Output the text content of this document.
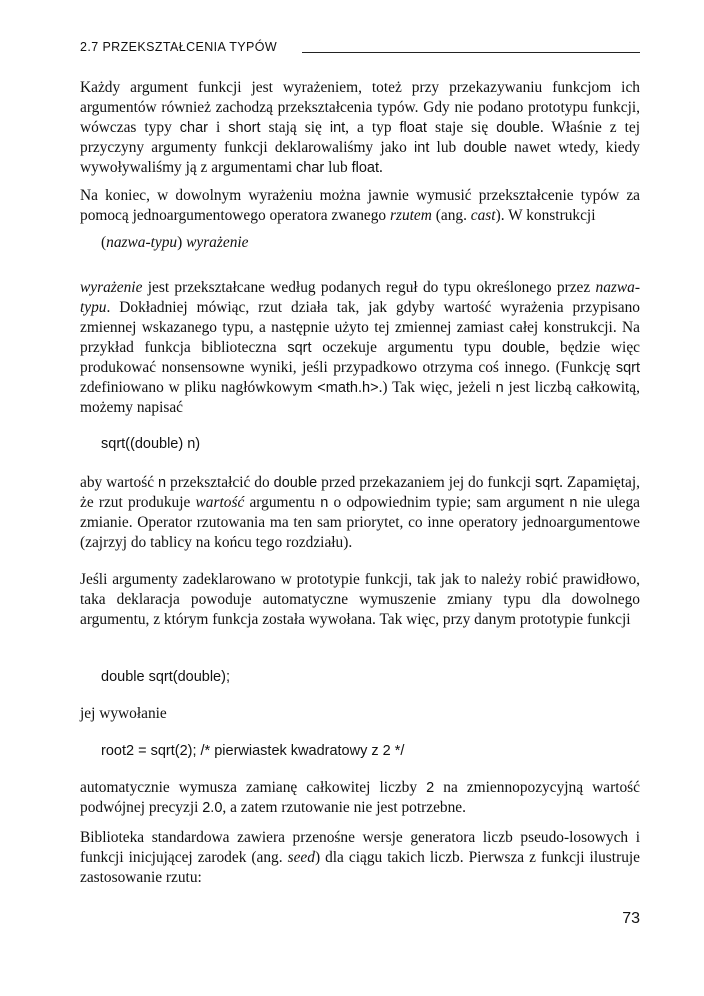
2.7 PRZEKSZTAŁCENIA TYPÓW

Każdy argument funkcji jest wyrażeniem, toteż przy przekazywaniu funkcjom ich argumentów również zachodzą przekształcenia typów. Gdy nie podano prototypu funkcji, wówczas typy char i short stają się int, a typ float staje się double. Właśnie z tej przyczyny argumenty funkcji deklarowaliśmy jako int lub double nawet wtedy, kiedy wywoływaliśmy ją z argumentami char lub float.

Na koniec, w dowolnym wyrażeniu można jawnie wymusić przekształcenie typów za pomocą jednoargumentowego operatora zwanego rzutem (ang. cast). W konstrukcji

(nazwa-typu) wyrażenie

wyrażenie jest przekształcane według podanych reguł do typu określonego przez nazwa-typu. Dokładniej mówiąc, rzut działa tak, jak gdyby wartość wyrażenia przypisano zmiennej wskazanego typu, a następnie użyto tej zmiennej zamiast całej konstrukcji. Na przykład funkcja biblioteczna sqrt oczekuje argumentu typu double, będzie więc produkować nonsensowne wyniki, jeśli przypadkowo otrzyma coś innego. (Funkcję sqrt zdefiniowano w pliku nagłówkowym <math.h>.) Tak więc, jeżeli n jest liczbą całkowitą, możemy napisać

sqrt((double) n)

aby wartość n przekształcić do double przed przekazaniem jej do funkcji sqrt. Zapamiętaj, że rzut produkuje wartość argumentu n o odpowiednim typie; sam argument n nie ulega zmianie. Operator rzutowania ma ten sam priorytet, co inne operatory jednoargumentowe (zajrzyj do tablicy na końcu tego rozdziału).

Jeśli argumenty zadeklarowano w prototypie funkcji, tak jak to należy robić prawidłowo, taka deklaracja powoduje automatyczne wymuszenie zmiany typu dla dowolnego argumentu, z którym funkcja została wywołana. Tak więc, przy danym prototypie funkcji

double sqrt(double);

jej wywołanie

root2 = sqrt(2); /* pierwiastek kwadratowy z 2 */

automatycznie wymusza zamianę całkowitej liczby 2 na zmiennopozycyjną wartość podwójnej precyzji 2.0, a zatem rzutowanie nie jest potrzebne.

Biblioteka standardowa zawiera przenośne wersje generatora liczb pseudo-losowych i funkcji inicjującej zarodek (ang. seed) dla ciągu takich liczb. Pierwsza z funkcji ilustruje zastosowanie rzutu:

73
